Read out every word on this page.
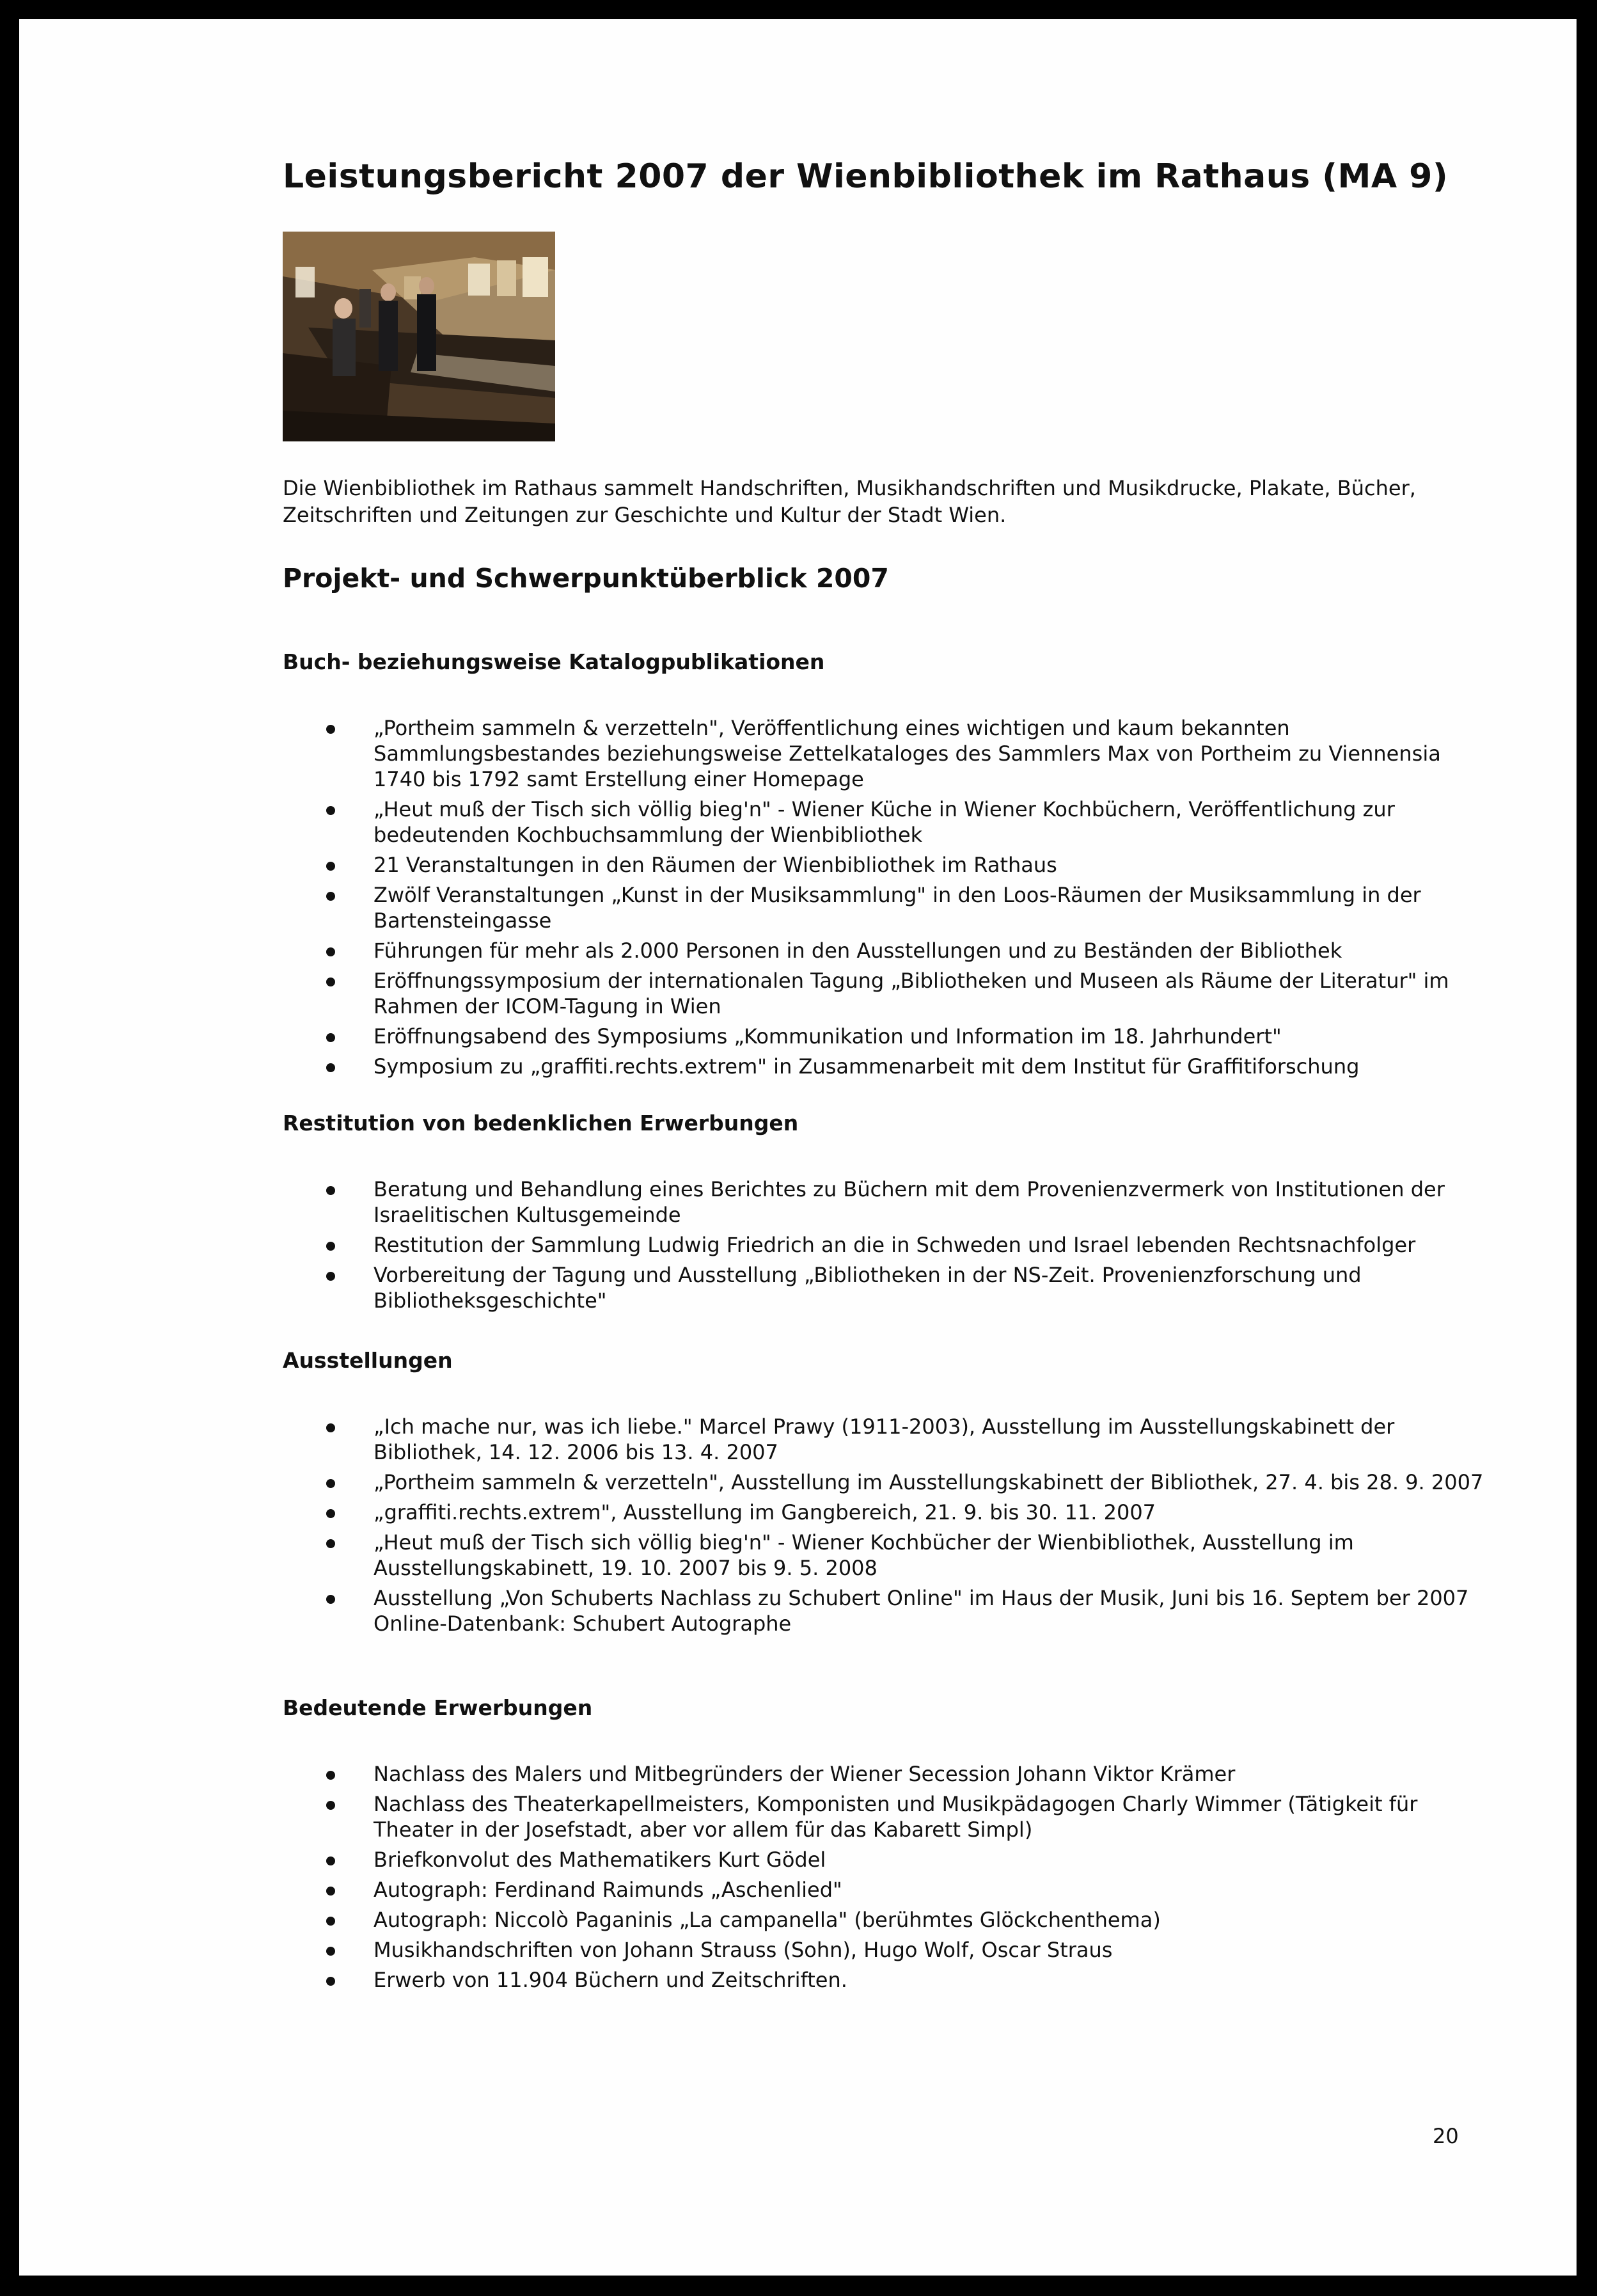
Leistungsbericht 2007 der Wienbibliothek im Rathaus (MA 9)

Die Wienbibliothek im Rathaus sammelt Handschriften, Musikhandschriften und Musikdrucke, Plakate, Bücher, Zeitschriften und Zeitungen zur Geschichte und Kultur der Stadt Wien.

Projekt- und Schwerpunktüberblick 2007
Buch- beziehungsweise Katalogpublikationen
„Portheim sammeln & verzetteln", Veröffentlichung eines wichtigen und kaum bekannten Sammlungsbestandes beziehungsweise Zettelkataloges des Sammlers Max von Portheim zu Viennensia 1740 bis 1792 samt Erstellung einer Homepage
„Heut muß der Tisch sich völlig bieg'n" - Wiener Küche in Wiener Kochbüchern, Veröffentlichung zur bedeutenden Kochbuchsammlung der Wienbibliothek
21 Veranstaltungen in den Räumen der Wienbibliothek im Rathaus
Zwölf Veranstaltungen „Kunst in der Musiksammlung" in den Loos-Räumen der Musiksammlung in der Bartensteingasse
Führungen für mehr als 2.000 Personen in den Ausstellungen und zu Beständen der Bibliothek
Eröffnungssymposium der internationalen Tagung „Bibliotheken und Museen als Räume der Literatur" im Rahmen der ICOM-Tagung in Wien
Eröffnungsabend des Symposiums „Kommunikation und Information im 18. Jahrhundert"
Symposium zu „graffiti.rechts.extrem" in Zusammenarbeit mit dem Institut für Graffitiforschung
Restitution von bedenklichen Erwerbungen
Beratung und Behandlung eines Berichtes zu Büchern mit dem Provenienzvermerk von Institutionen der Israelitischen Kultusgemeinde
Restitution der Sammlung Ludwig Friedrich an die in Schweden und Israel lebenden Rechtsnachfolger
Vorbereitung der Tagung und Ausstellung „Bibliotheken in der NS-Zeit. Provenienzforschung und Bibliotheksgeschichte"
Ausstellungen
„Ich mache nur, was ich liebe." Marcel Prawy (1911-2003), Ausstellung im Ausstellungskabinett der Bibliothek, 14. 12. 2006 bis 13. 4. 2007
„Portheim sammeln & verzetteln", Ausstellung im Ausstellungskabinett der Bibliothek, 27. 4. bis 28. 9. 2007
„graffiti.rechts.extrem", Ausstellung im Gangbereich, 21. 9. bis 30. 11. 2007
„Heut muß der Tisch sich völlig bieg'n" - Wiener Kochbücher der Wienbibliothek, Ausstellung im Ausstellungskabinett, 19. 10. 2007 bis 9. 5. 2008
Ausstellung „Von Schuberts Nachlass zu Schubert Online" im Haus der Musik, Juni bis 16. Septem ber 2007 Online-Datenbank: Schubert Autographe
Bedeutende Erwerbungen
Nachlass des Malers und Mitbegründers der Wiener Secession Johann Viktor Krämer
Nachlass des Theaterkapellmeisters, Komponisten und Musikpädagogen Charly Wimmer (Tätigkeit für Theater in der Josefstadt, aber vor allem für das Kabarett Simpl)
Briefkonvolut des Mathematikers Kurt Gödel
Autograph: Ferdinand Raimunds „Aschenlied"
Autograph: Niccolò Paganinis „La campanella" (berühmtes Glöckchenthema)
Musikhandschriften von Johann Strauss (Sohn), Hugo Wolf, Oscar Straus
Erwerb von 11.904 Büchern und Zeitschriften.
20
